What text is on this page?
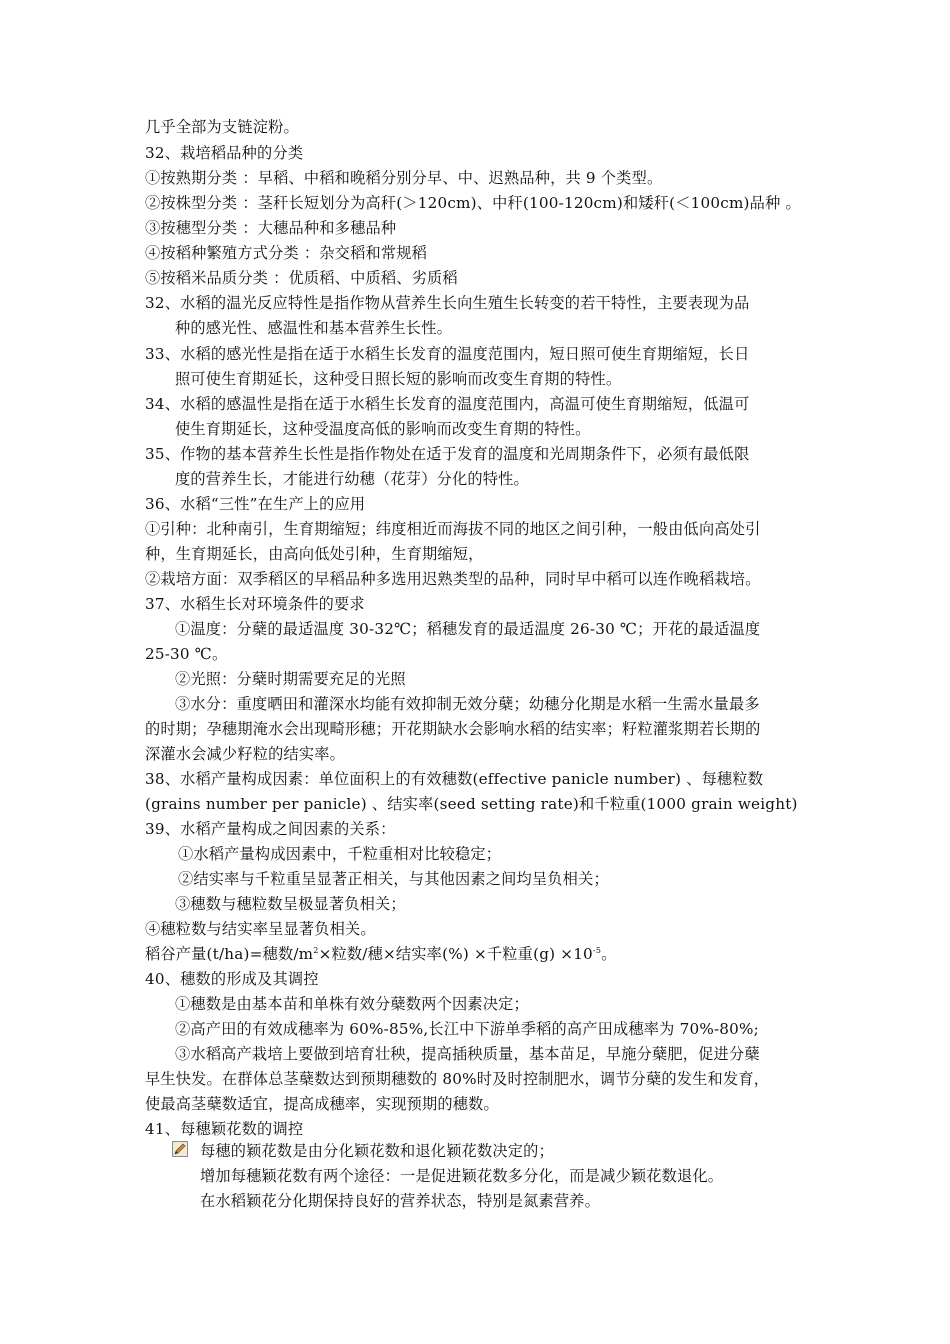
几乎全部为支链淀粉。
32、栽培稻品种的分类
①按熟期分类 ：早稻、中稻和晚稻分别分早、中、迟熟品种，共 9 个类型。
②按株型分类 ：茎秆长短划分为高秆(＞120cm)、中秆(100-120cm)和矮秆(＜100cm)品种 。
③按穗型分类 ：大穗品种和多穗品种
④按稻种繁殖方式分类 ：杂交稻和常规稻
⑤按稻米品质分类 ：优质稻、中质稻、劣质稻
32、水稻的温光反应特性是指作物从营养生长向生殖生长转变的若干特性，主要表现为品
种的感光性、感温性和基本营养生长性。
33、水稻的感光性是指在适于水稻生长发育的温度范围内，短日照可使生育期缩短，长日
照可使生育期延长，这种受日照长短的影响而改变生育期的特性。
34、水稻的感温性是指在适于水稻生长发育的温度范围内，高温可使生育期缩短，低温可
使生育期延长，这种受温度高低的影响而改变生育期的特性。
35、作物的基本营养生长性是指作物处在适于发育的温度和光周期条件下，必须有最低限
度的营养生长，才能进行幼穗（花芽）分化的特性。
36、水稻“三性”在生产上的应用
①引种：北种南引，生育期缩短；纬度相近而海拔不同的地区之间引种，一般由低向高处引
种，生育期延长，由高向低处引种，生育期缩短，
②栽培方面：双季稻区的早稻品种多选用迟熟类型的品种，同时早中稻可以连作晚稻栽培。
37、水稻生长对环境条件的要求
①温度：分蘖的最适温度 30-32℃；稻穗发育的最适温度 26-30 ℃；开花的最适温度
25-30 ℃。
②光照：分蘖时期需要充足的光照
③水分：重度晒田和灌深水均能有效抑制无效分蘖；幼穗分化期是水稻一生需水量最多
的时期；孕穗期淹水会出现畸形穗；开花期缺水会影响水稻的结实率；籽粒灌浆期若长期的
深灌水会减少籽粒的结实率。
38、水稻产量构成因素：单位面积上的有效穗数(effective panicle number) 、每穗粒数
(grains number per panicle) 、结实率(seed setting rate)和千粒重(1000 grain weight)
39、水稻产量构成之间因素的关系：
①水稻产量构成因素中，千粒重相对比较稳定；
②结实率与千粒重呈显著正相关，与其他因素之间均呈负相关；
③穗数与穗粒数呈极显著负相关；
④穗粒数与结实率呈显著负相关。
稻谷产量(t/ha)=穗数$/m^2\times$粒数/穗×结实率(%) ×千粒重$(g) \times 10^{-5}$。
40、穗数的形成及其调控
①穗数是由基本苗和单株有效分蘖数两个因素决定；
②高产田的有效成穗率为 60%-85%,长江中下游单季稻的高产田成穗率为 70%-80%;
③水稻高产栽培上要做到培育壮秧，提高插秧质量，基本苗足，早施分蘖肥，促进分蘖
早生快发。在群体总茎蘖数达到预期穗数的 80%时及时控制肥水，调节分蘖的发生和发育，
使最高茎蘖数适宜，提高成穗率，实现预期的穗数。
41、每穗颖花数的调控
每穗的颖花数是由分化颖花数和退化颖花数决定的；
增加每穗颖花数有两个途径：一是促进颖花数多分化，而是减少颖花数退化。
在水稻颖花分化期保持良好的营养状态，特别是氮素营养。
